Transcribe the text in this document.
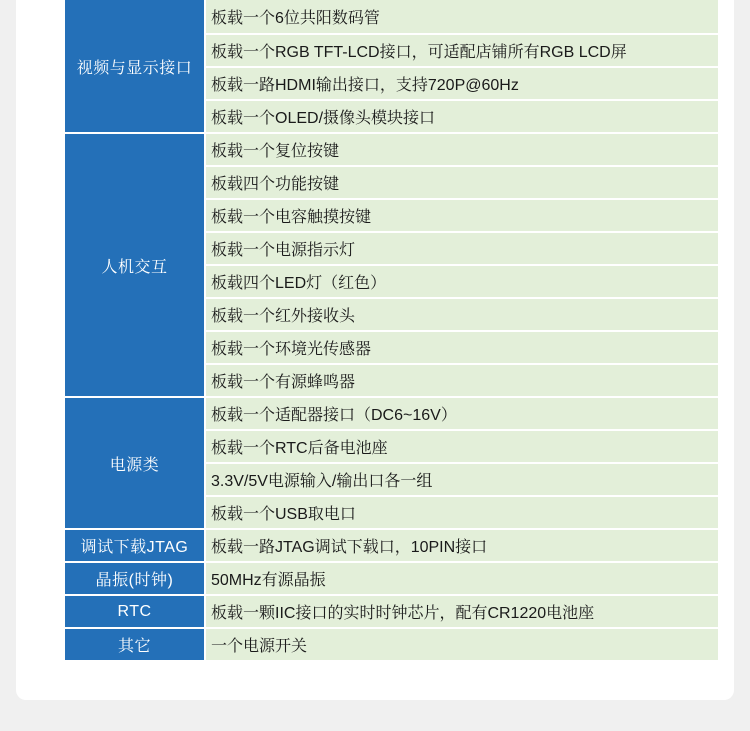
视频与显示接口	板载一个6位共阳数码管
	板载一个RGB TFT-LCD接口，可适配店铺所有RGB LCD屏
	板载一路HDMI输出接口，支持720P@60Hz
	板载一个OLED/摄像头模块接口
人机交互	板载一个复位按键
	板载四个功能按键
	板载一个电容触摸按键
	板载一个电源指示灯
	板载四个LED灯（红色）
	板载一个红外接收头
	板载一个环境光传感器
	板载一个有源蜂鸣器
电源类	板载一个适配器接口（DC6~16V）
	板载一个RTC后备电池座
	3.3V/5V电源输入/输出口各一组
	板载一个USB取电口
调试下载JTAG	板载一路JTAG调试下载口，10PIN接口
晶振(时钟)	50MHz有源晶振
RTC	板载一颗IIC接口的实时时钟芯片，配有CR1220电池座
其它	一个电源开关
